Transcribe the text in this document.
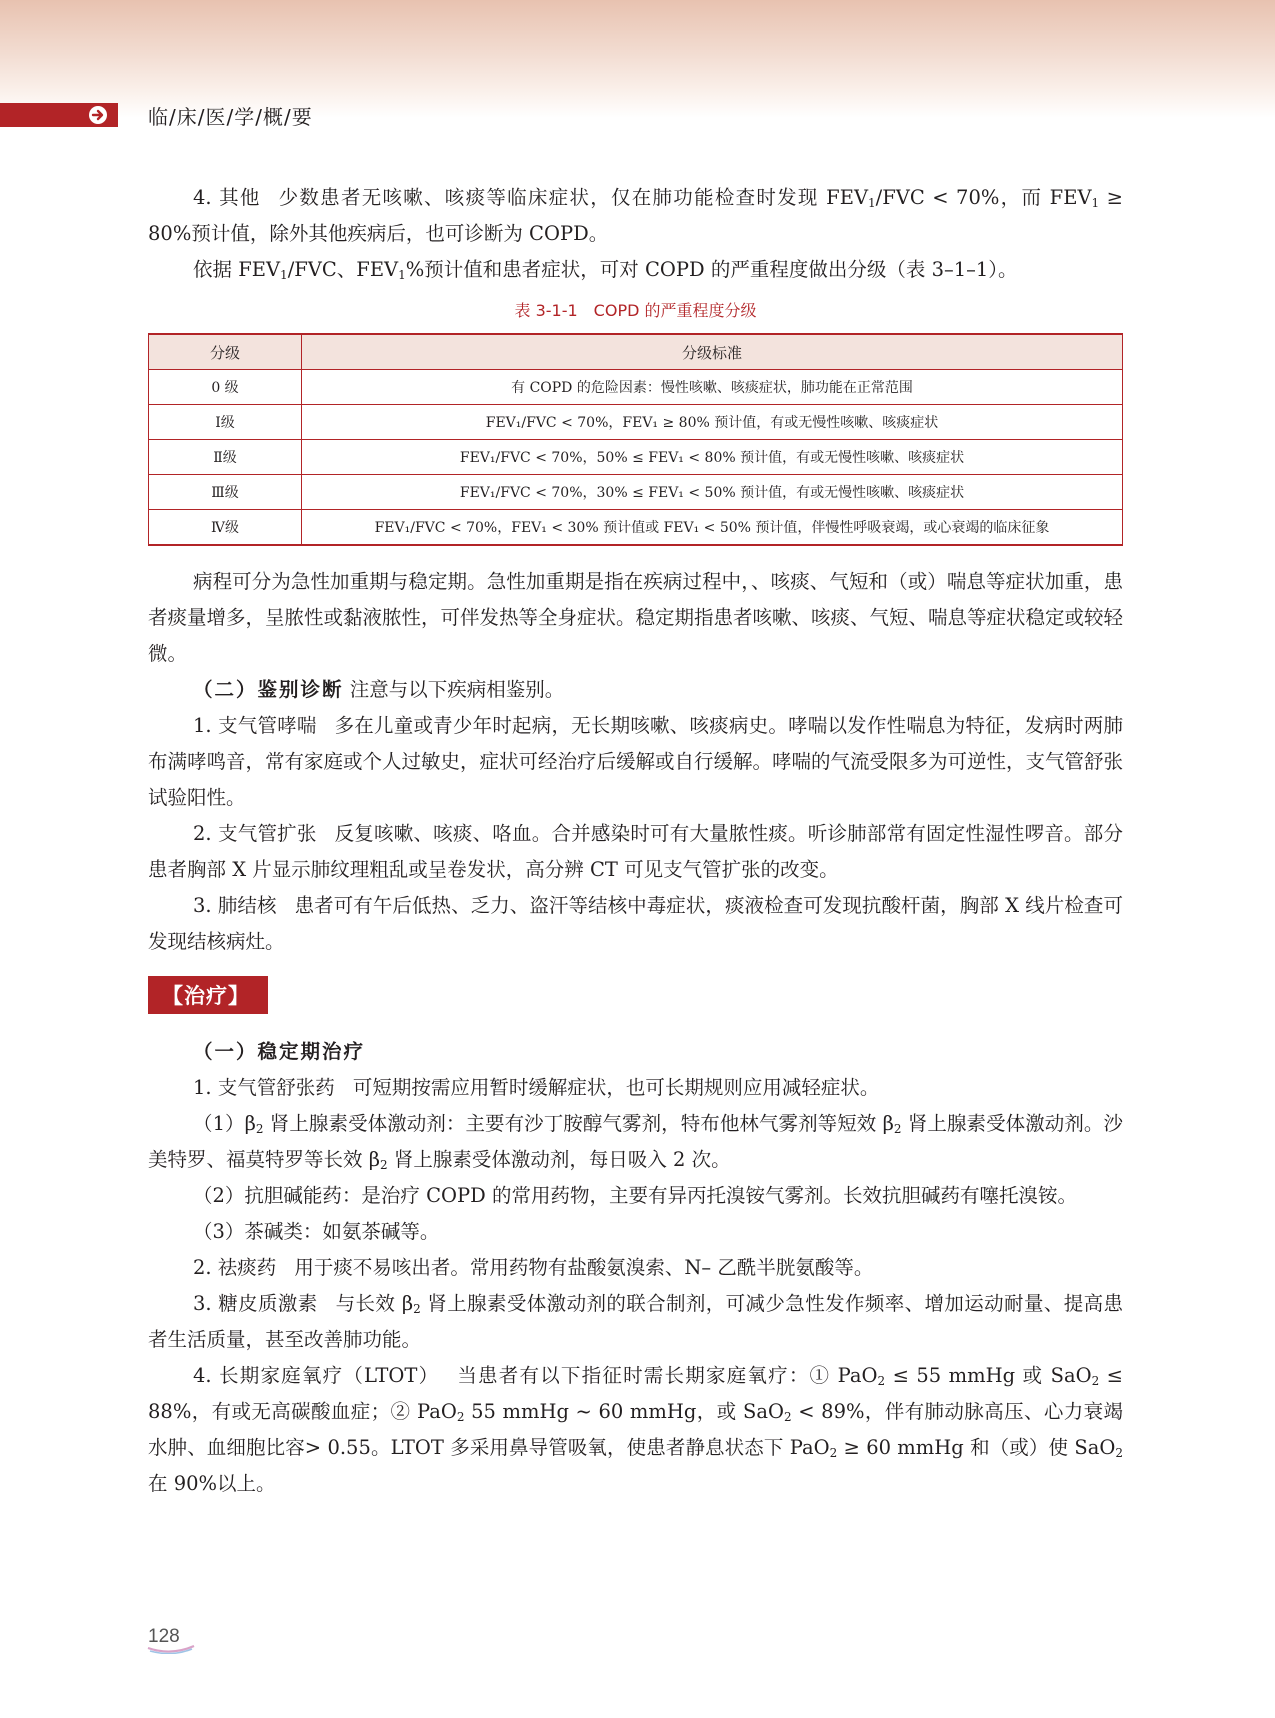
临/床/医/学/概/要

4. 其他 少数患者无咳嗽、咳痰等临床症状，仅在肺功能检查时发现 $FEV_1$/FVC < 70%，而 $FEV_1 \ge 80\%$预计值，除外其他疾病后，也可诊断为 COPD。

依据 $FEV_1$/FVC、$FEV_1\%$预计值和患者症状，可对 COPD 的严重程度做出分级（表 3–1–1）。

表 3-1-1　COPD 的严重程度分级
分级	分级标准
0 级	有 COPD 的危险因素：慢性咳嗽、咳痰症状，肺功能在正常范围
Ⅰ级	FEV₁/FVC < 70%，FEV₁ ≥ 80% 预计值，有或无慢性咳嗽、咳痰症状
Ⅱ级	FEV₁/FVC < 70%，50% ≤ FEV₁ < 80% 预计值，有或无慢性咳嗽、咳痰症状
Ⅲ级	FEV₁/FVC < 70%，30% ≤ FEV₁ < 50% 预计值，有或无慢性咳嗽、咳痰症状
Ⅳ级	FEV₁/FVC < 70%，FEV₁ < 30% 预计值或 FEV₁ < 50% 预计值，伴慢性呼吸衰竭，或心衰竭的临床征象

病程可分为急性加重期与稳定期。急性加重期是指在疾病过程中，、咳痰、气短和（或）喘息等症状加重，患者痰量增多，呈脓性或黏液脓性，可伴发热等全身症状。稳定期指患者咳嗽、咳痰、气短、喘息等症状稳定或较轻微。

（二）鉴别诊断 注意与以下疾病相鉴别。

1. 支气管哮喘 多在儿童或青少年时起病，无长期咳嗽、咳痰病史。哮喘以发作性喘息为特征，发病时两肺布满哮鸣音，常有家庭或个人过敏史，症状可经治疗后缓解或自行缓解。哮喘的气流受限多为可逆性，支气管舒张试验阳性。

2. 支气管扩张 反复咳嗽、咳痰、咯血。合并感染时可有大量脓性痰。听诊肺部常有固定性湿性啰音。部分患者胸部 X 片显示肺纹理粗乱或呈卷发状，高分辨 CT 可见支气管扩张的改变。

3. 肺结核 患者可有午后低热、乏力、盗汗等结核中毒症状，痰液检查可发现抗酸杆菌，胸部 X 线片检查可发现结核病灶。

【治疗】

（一）稳定期治疗

1. 支气管舒张药 可短期按需应用暂时缓解症状，也可长期规则应用减轻症状。

$(1)\beta_2$ 肾上腺素受体激动剂：主要有沙丁胺醇气雾剂，特布他林气雾剂等短效 $\beta_2$ 肾上腺素受体激动剂。沙美特罗、福莫特罗等长效 $\beta_2$ 肾上腺素受体激动剂，每日吸入 2 次。

（2）抗胆碱能药：是治疗 COPD 的常用药物，主要有异丙托溴铵气雾剂。长效抗胆碱药有噻托溴铵。

（3）茶碱类：如氨茶碱等。

2. 祛痰药 用于痰不易咳出者。常用药物有盐酸氨溴索、N– 乙酰半胱氨酸等。

3. 糖皮质激素 与长效 $\beta_2$ 肾上腺素受体激动剂的联合制剂，可减少急性发作频率、增加运动耐量、提高患者生活质量，甚至改善肺功能。

4. 长期家庭氧疗（LTOT） 当患者有以下指征时需长期家庭氧疗：① PaO$_2$ ≤ 55 mmHg 或 SaO$_2$ ≤ 88%，有或无高碳酸血症；② PaO$_2$ 55 mmHg ~ 60 mmHg，或 SaO$_2$ < 89%，伴有肺动脉高压、心力衰竭水肿、血细胞比容> 0.55。LTOT 多采用鼻导管吸氧，使患者静息状态下 PaO$_2$ ≥ 60 mmHg 和（或）使 SaO$_2$ 在 90%以上。

128
